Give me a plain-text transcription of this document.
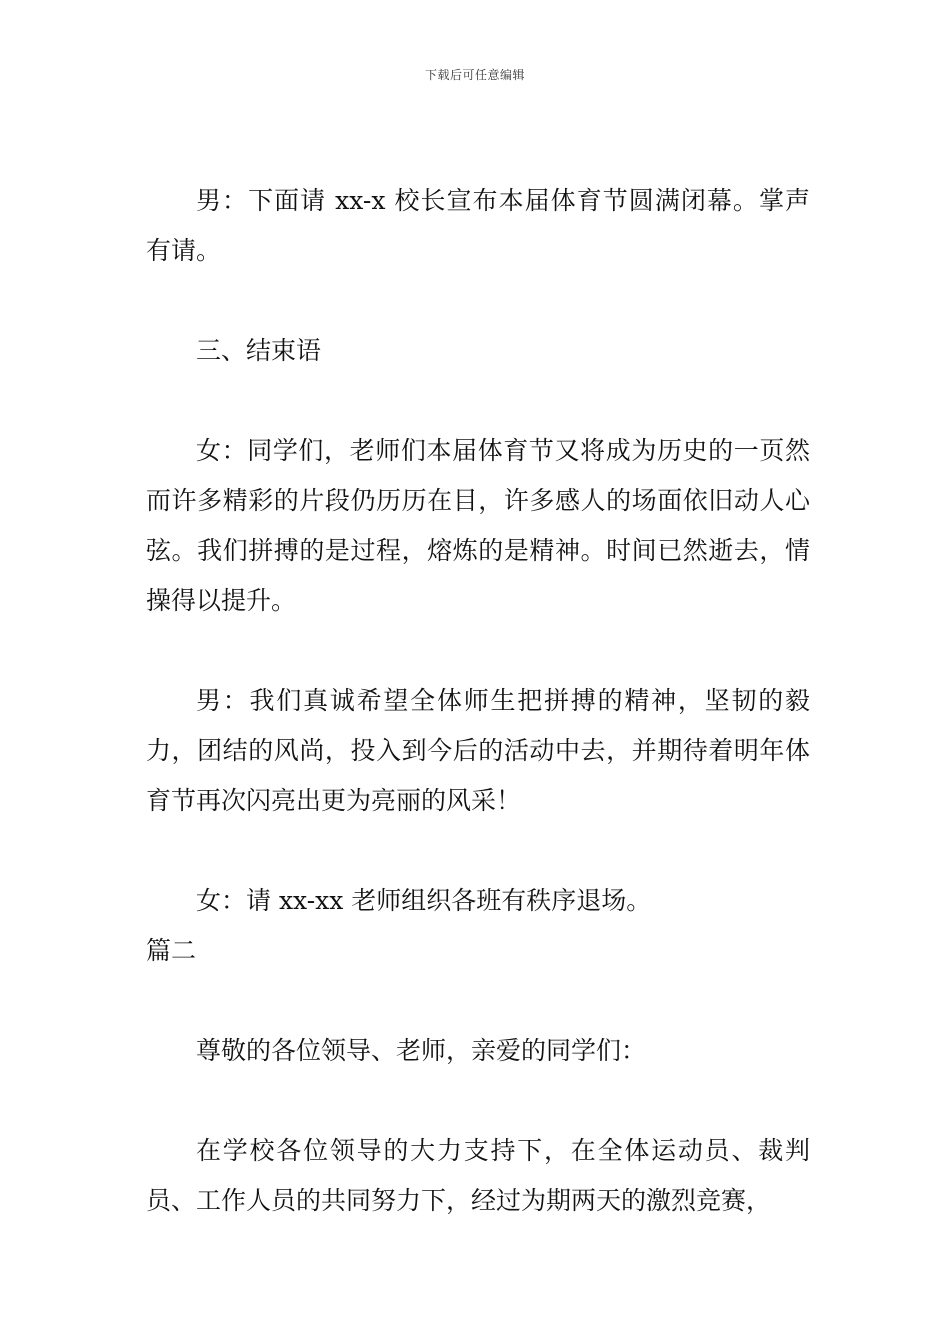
下载后可任意编辑

男：下面请 xx-x 校长宣布本届体育节圆满闭幕。掌声有请。

三、结束语

女：同学们，老师们本届体育节又将成为历史的一页然而许多精彩的片段仍历历在目，许多感人的场面依旧动人心弦。我们拼搏的是过程，熔炼的是精神。时间已然逝去，情操得以提升。

男：我们真诚希望全体师生把拼搏的精神，坚韧的毅力，团结的风尚，投入到今后的活动中去，并期待着明年体育节再次闪亮出更为亮丽的风采！

女：请 xx-xx 老师组织各班有秩序退场。

篇二

尊敬的各位领导、老师，亲爱的同学们：

在学校各位领导的大力支持下，在全体运动员、裁判员、工作人员的共同努力下，经过为期两天的激烈竞赛，
